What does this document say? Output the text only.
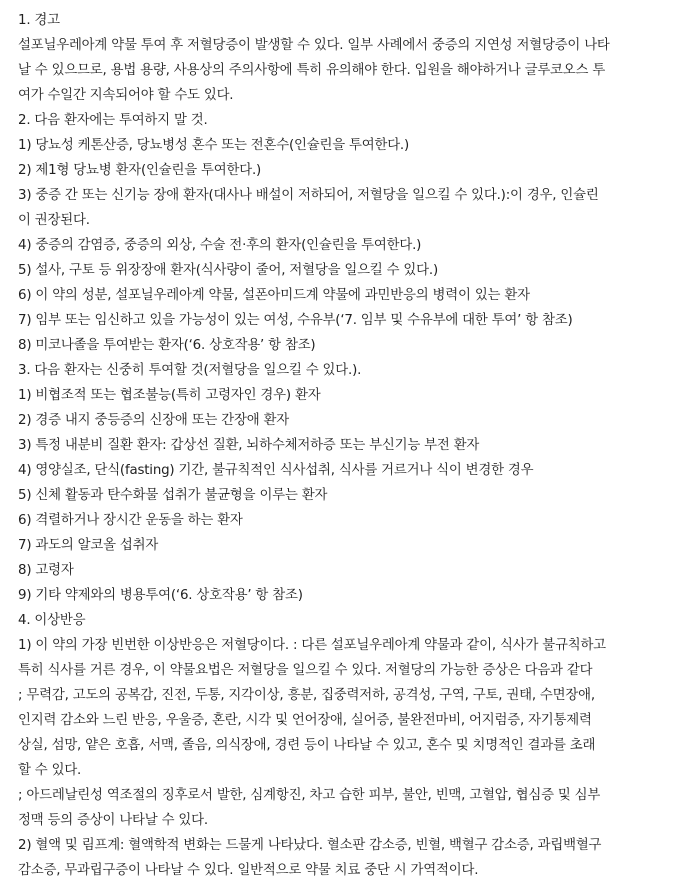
1. 경고
설포닐우레아계 약물 투여 후 저혈당증이 발생할 수 있다. 일부 사례에서 중증의 지연성 저혈당증이 나타
날 수 있으므로, 용법 용량, 사용상의 주의사항에 특히 유의해야 한다. 입원을 해야하거나 글루코오스 투
여가 수일간 지속되어야 할 수도 있다.
2. 다음 환자에는 투여하지 말 것.
1) 당뇨성 케톤산증, 당뇨병성 혼수 또는 전혼수(인슐린을 투여한다.)
2) 제1형 당뇨병 환자(인슐린을 투여한다.)
3) 중증 간 또는 신기능 장애 환자(대사나 배설이 저하되어, 저혈당을 일으킬 수 있다.):이 경우, 인슐린
이 권장된다.
4) 중증의 감염증, 중증의 외상, 수술 전·후의 환자(인슐린을 투여한다.)
5) 설사, 구토 등 위장장애 환자(식사량이 줄어, 저혈당을 일으킬 수 있다.)
6) 이 약의 성분, 설포닐우레아계 약물, 설폰아미드계 약물에 과민반응의 병력이 있는 환자
7) 임부 또는 임신하고 있을 가능성이 있는 여성, 수유부(‘7. 임부 및 수유부에 대한 투여’ 항 참조)
8) 미코나졸을 투여받는 환자(‘6. 상호작용’ 항 참조)
3. 다음 환자는 신중히 투여할 것(저혈당을 일으킬 수 있다.).
1) 비협조적 또는 협조불능(특히 고령자인 경우) 환자
2) 경증 내지 중등증의 신장애 또는 간장애 환자
3) 특정 내분비 질환 환자: 갑상선 질환, 뇌하수체저하증 또는 부신기능 부전 환자
4) 영양실조, 단식(fasting) 기간, 불규칙적인 식사섭취, 식사를 거르거나 식이 변경한 경우
5) 신체 활동과 탄수화물 섭취가 불균형을 이루는 환자
6) 격렬하거나 장시간 운동을 하는 환자
7) 과도의 알코올 섭취자
8) 고령자
9) 기타 약제와의 병용투여(‘6. 상호작용’ 항 참조)
4. 이상반응
1) 이 약의 가장 빈번한 이상반응은 저혈당이다. : 다른 설포닐우레아계 약물과 같이, 식사가 불규칙하고
특히 식사를 거른 경우, 이 약물요법은 저혈당을 일으킬 수 있다. 저혈당의 가능한 증상은 다음과 같다
; 무력감, 고도의 공복감, 진전, 두통, 지각이상, 흥분, 집중력저하, 공격성, 구역, 구토, 권태, 수면장애,
인지력 감소와 느린 반응, 우울증, 혼란, 시각 및 언어장애, 실어증, 불완전마비, 어지럼증, 자기통제력
상실, 섬망, 얕은 호흡, 서맥, 졸음, 의식장애, 경련 등이 나타날 수 있고, 혼수 및 치명적인 결과를 초래
할 수 있다.
; 아드레날린성 역조절의 징후로서 발한, 심계항진, 차고 습한 피부, 불안, 빈맥, 고혈압, 협심증 및 심부
정맥 등의 증상이 나타날 수 있다.
2) 혈액 및 림프계: 혈액학적 변화는 드물게 나타났다. 혈소판 감소증, 빈혈, 백혈구 감소증, 과립백혈구
감소증, 무과립구증이 나타날 수 있다. 일반적으로 약물 치료 중단 시 가역적이다.
